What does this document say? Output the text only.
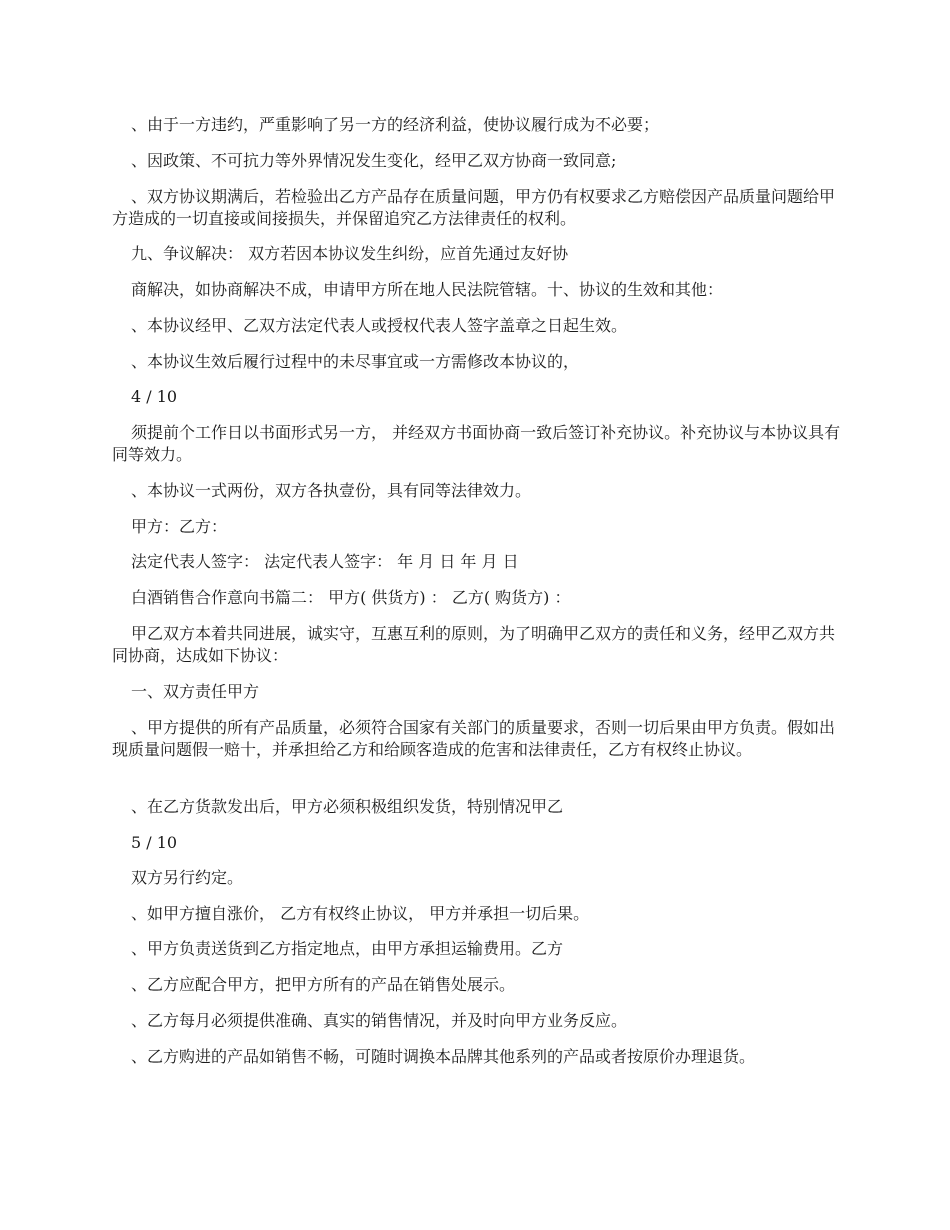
、由于一方违约，严重影响了另一方的经济利益，使协议履行成为不必要；

、因政策、不可抗力等外界情况发生变化，经甲乙双方协商一致同意;

、双方协议期满后，若检验出乙方产品存在质量问题，甲方仍有权要求乙方赔偿因产品质量问题给甲方造成的一切直接或间接损失，并保留追究乙方法律责任的权利。

九、争议解决： 双方若因本协议发生纠纷，应首先通过友好协

商解决，如协商解决不成，申请甲方所在地人民法院管辖。十、协议的生效和其他：

、本协议经甲、乙双方法定代表人或授权代表人签字盖章之日起生效。

、本协议生效后履行过程中的未尽事宜或一方需修改本协议的，

4 / 10

须提前个工作日以书面形式另一方， 并经双方书面协商一致后签订补充协议。补充协议与本协议具有同等效力。

、本协议一式两份，双方各执壹份，具有同等法律效力。

甲方：乙方：

法定代表人签字： 法定代表人签字： 年 月 日 年 月 日

白酒销售合作意向书篇二： 甲方( 供货方) ： 乙方( 购货方) ：

甲乙双方本着共同进展，诚实守，互惠互利的原则，为了明确甲乙双方的责任和义务，经甲乙双方共同协商，达成如下协议：

一、双方责任甲方

、甲方提供的所有产品质量，必须符合国家有关部门的质量要求，否则一切后果由甲方负责。假如出现质量问题假一赔十，并承担给乙方和给顾客造成的危害和法律责任，乙方有权终止协议。

、在乙方货款发出后，甲方必须积极组织发货，特别情况甲乙

5 / 10

双方另行约定。

、如甲方擅自涨价， 乙方有权终止协议， 甲方并承担一切后果。

、甲方负责送货到乙方指定地点，由甲方承担运输费用。乙方

、乙方应配合甲方，把甲方所有的产品在销售处展示。

、乙方每月必须提供准确、真实的销售情况，并及时向甲方业务反应。

、乙方购进的产品如销售不畅，可随时调换本品牌其他系列的产品或者按原价办理退货。
